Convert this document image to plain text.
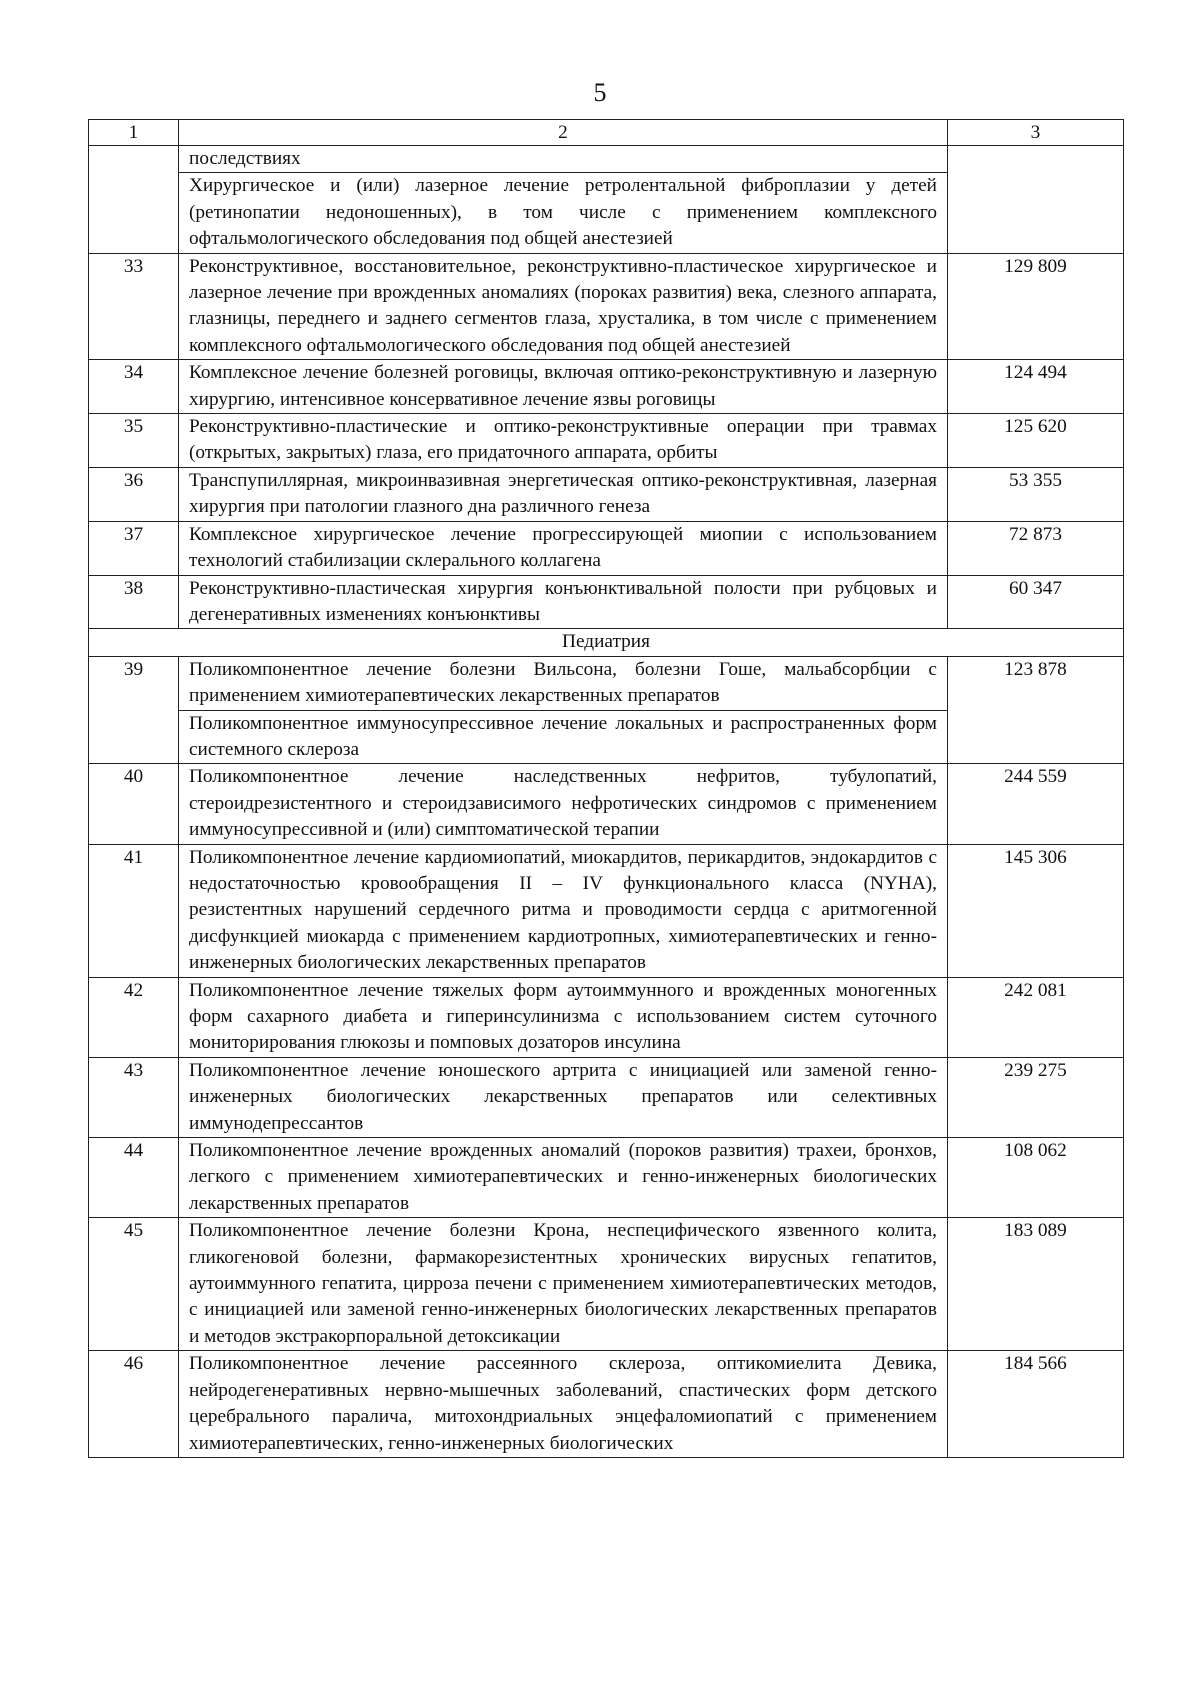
5
1	2	3

	последствиях
Хирургическое и (или) лазерное лечение ретролентальной фиброплазии у детей (ретинопатии недоношенных), в том числе с применением комплексного офтальмологического обследования под общей анестезией	

33	Реконструктивное, восстановительное, реконструктивно-пластическое хирургическое и лазерное лечение при врожденных аномалиях (пороках развития) века, слезного аппарата, глазницы, переднего и заднего сегментов глаза, хрусталика, в том числе с применением комплексного офтальмологического обследования под общей анестезией	129 809
34	Комплексное лечение болезней роговицы, включая оптико-реконструктивную и лазерную хирургию, интенсивное консервативное лечение язвы роговицы	124 494
35	Реконструктивно-пластические и оптико-реконструктивные операции при травмах (открытых, закрытых) глаза, его придаточного аппарата, орбиты	125 620
36	Транспупиллярная, микроинвазивная энергетическая оптико-реконструктивная, лазерная хирургия при патологии глазного дна различного генеза	53 355
37	Комплексное хирургическое лечение прогрессирующей миопии с использованием технологий стабилизации склерального коллагена	72 873
38	Реконструктивно-пластическая хирургия конъюнктивальной полости при рубцовых и дегенеративных изменениях конъюнктивы	60 347
Педиатрия		
39	Поликомпонентное лечение болезни Вильсона, болезни Гоше, мальабсорбции с применением химиотерапевтических лекарственных препаратов
Поликомпонентное иммуносупрессивное лечение локальных и распространенных форм системного склероза	123 878
40	Поликомпонентное лечение наследственных нефритов, тубулопатий, стероидрезистентного и стероидзависимого нефротических синдромов с применением иммуносупрессивной и (или) симптоматической терапии	244 559
41	Поликомпонентное лечение кардиомиопатий, миокардитов, перикардитов, эндокардитов с недостаточностью кровообращения II – IV функционального класса (NYHA), резистентных нарушений сердечного ритма и проводимости сердца с аритмогенной дисфункцией миокарда с применением кардиотропных, химиотерапевтических и генно-инженерных биологических лекарственных препаратов	145 306
42	Поликомпонентное лечение тяжелых форм аутоиммунного и врожденных моногенных форм сахарного диабета и гиперинсулинизма с использованием систем суточного мониторирования глюкозы и помповых дозаторов инсулина	242 081
43	Поликомпонентное лечение юношеского артрита с инициацией или заменой генно-инженерных биологических лекарственных препаратов или селективных иммунодепрессантов	239 275
44	Поликомпонентное лечение врожденных аномалий (пороков развития) трахеи, бронхов, легкого с применением химиотерапевтических и генно-инженерных биологических лекарственных препаратов	108 062
45	Поликомпонентное лечение болезни Крона, неспецифического язвенного колита, гликогеновой болезни, фармакорезистентных хронических вирусных гепатитов, аутоиммунного гепатита, цирроза печени с применением химиотерапевтических методов, с инициацией или заменой генно-инженерных биологических лекарственных препаратов и методов экстракорпоральной детоксикации	183 089
46	Поликомпонентное лечение рассеянного склероза, оптикомиелита Девика, нейродегенеративных нервно-мышечных заболеваний, спастических форм детского церебрального паралича, митохондриальных энцефаломиопатий с применением химиотерапевтических, генно-инженерных биологических	184 566
